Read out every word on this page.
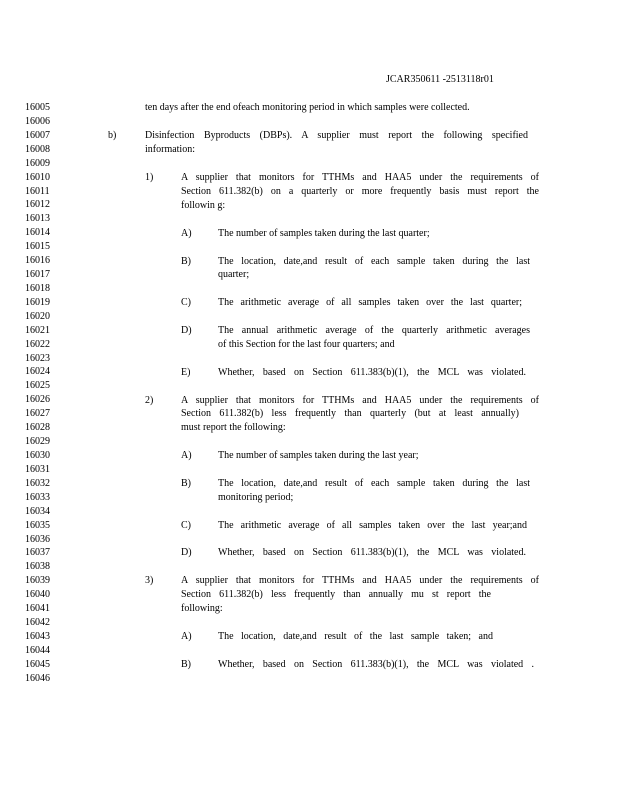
JCAR350611 -2513118r01
16005
16006
16007
16008
16009
16010
16011
16012
16013
16014
16015
16016
16017
16018
16019
16020
16021
16022
16023
16024
16025
16026
16027
16028
16029
16030
16031
16032
16033
16034
16035
16036
16037
16038
16039
16040
16041
16042
16043
16044
16045
16046
ten days after the end ofeach monitoring period in which samples were collected.
b)	Disinfection Byproducts (DBPs). A supplier must report the following specified
information:
1)	A supplier that monitors for TTHMs and HAA5 under the requirements of
Section 611.382(b) on a quarterly or more frequently basis must report the
followin g:
A)	The number of samples taken during the last quarter;
B)	The location, date,and result of each sample taken during the last
quarter;
C)	The arithmetic average of all samples taken over the last quarter;
D)	The annual arithmetic average of the quarterly arithmetic averages
of this Section for the last four quarters; and
E)	Whether, based on Section 611.383(b)(1), the MCL was violated.
2)	A supplier that monitors for TTHMs and HAA5 under the requirements of
Section 611.382(b) less frequently than quarterly (but at least annually)
must report the following:
A)	The number of samples taken during the last year;
B)	The location, date,and result of each sample taken during the last
monitoring period;
C)	The arithmetic average of all samples taken over the last year;and
D)	Whether, based on Section 611.383(b)(1), the MCL was violated.
3)	A supplier that monitors for TTHMs and HAA5 under the requirements of
Section 611.382(b) less frequently than annually mu st report the
following:
A)	The location, date,and result of the last sample taken; and
B)	Whether, based on Section 611.383(b)(1), the MCL was violated .
